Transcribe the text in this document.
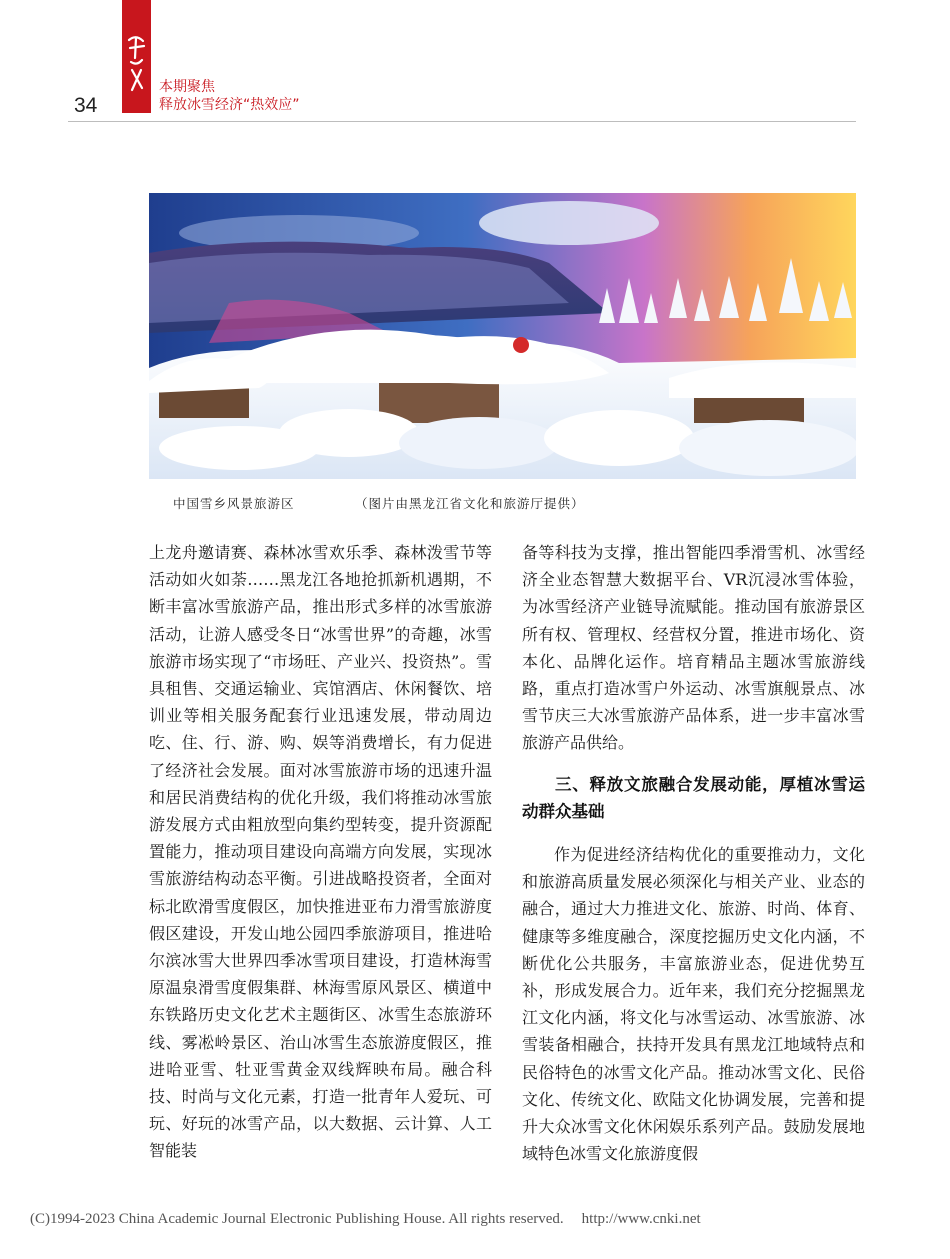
34
本期聚焦
释放冰雪经济“热效应”
中国雪乡风景旅游区	（图片由黑龙江省文化和旅游厅提供）

上龙舟邀请赛、森林冰雪欢乐季、森林泼雪节等活动如火如荼……黑龙江各地抢抓新机遇期，不断丰富冰雪旅游产品，推出形式多样的冰雪旅游活动，让游人感受冬日“冰雪世界”的奇趣，冰雪旅游市场实现了“市场旺、产业兴、投资热”。雪具租售、交通运输业、宾馆酒店、休闲餐饮、培训业等相关服务配套行业迅速发展，带动周边吃、住、行、游、购、娱等消费增长，有力促进了经济社会发展。面对冰雪旅游市场的迅速升温和居民消费结构的优化升级，我们将推动冰雪旅游发展方式由粗放型向集约型转变，提升资源配置能力，推动项目建设向高端方向发展，实现冰雪旅游结构动态平衡。引进战略投资者，全面对标北欧滑雪度假区，加快推进亚布力滑雪旅游度假区建设，开发山地公园四季旅游项目，推进哈尔滨冰雪大世界四季冰雪项目建设，打造林海雪原温泉滑雪度假集群、林海雪原风景区、横道中东铁路历史文化艺术主题街区、冰雪生态旅游环线、雾凇岭景区、治山冰雪生态旅游度假区，推进哈亚雪、牡亚雪黄金双线辉映布局。融合科技、时尚与文化元素，打造一批青年人爱玩、可玩、好玩的冰雪产品，以大数据、云计算、人工智能装

备等科技为支撑，推出智能四季滑雪机、冰雪经济全业态智慧大数据平台、VR沉浸冰雪体验，为冰雪经济产业链导流赋能。推动国有旅游景区所有权、管理权、经营权分置，推进市场化、资本化、品牌化运作。培育精品主题冰雪旅游线路，重点打造冰雪户外运动、冰雪旗舰景点、冰雪节庆三大冰雪旅游产品体系，进一步丰富冰雪旅游产品供给。

三、释放文旅融合发展动能，厚植冰雪运动群众基础

作为促进经济结构优化的重要推动力，文化和旅游高质量发展必须深化与相关产业、业态的融合，通过大力推进文化、旅游、时尚、体育、健康等多维度融合，深度挖掘历史文化内涵，不断优化公共服务，丰富旅游业态，促进优势互补，形成发展合力。近年来，我们充分挖掘黑龙江文化内涵，将文化与冰雪运动、冰雪旅游、冰雪装备相融合，扶持开发具有黑龙江地域特点和民俗特色的冰雪文化产品。推动冰雪文化、民俗文化、传统文化、欧陆文化协调发展，完善和提升大众冰雪文化休闲娱乐系列产品。鼓励发展地域特色冰雪文化旅游度假

(C)1994-2023 China Academic Journal Electronic Publishing House. All rights reserved. http://www.cnki.net
